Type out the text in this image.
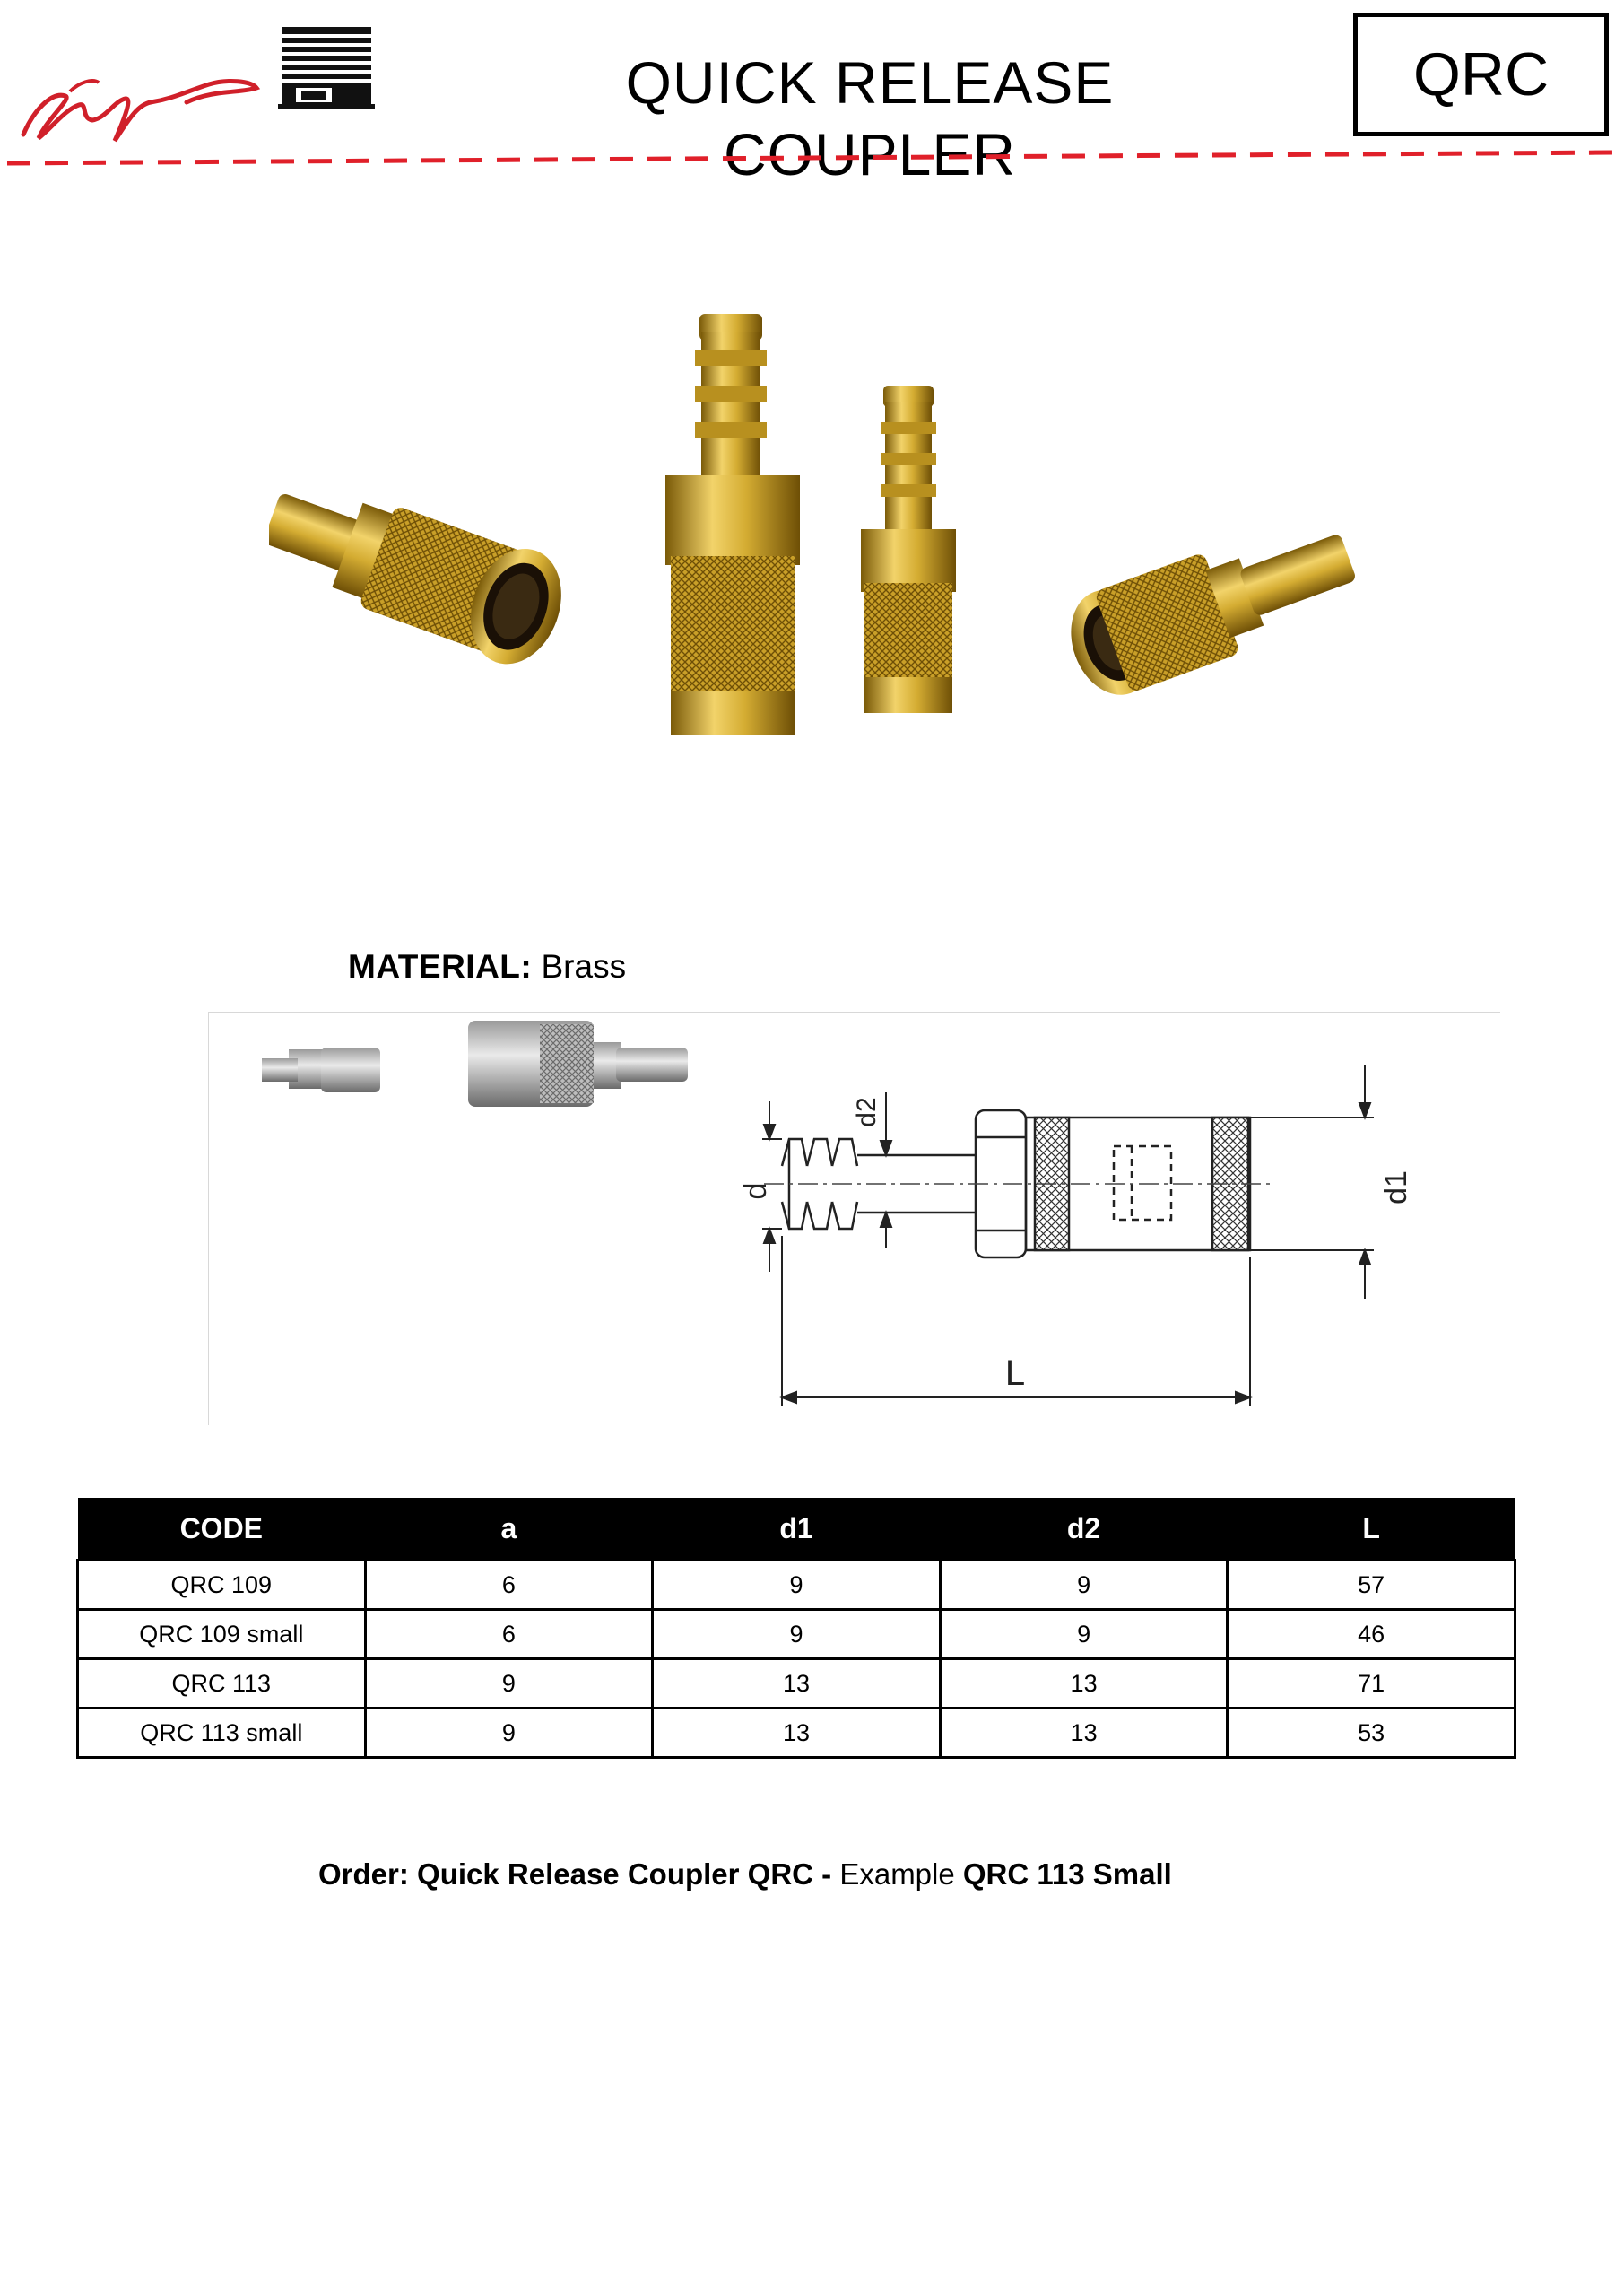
QUICK RELEASE COUPLER
QRC
MATERIAL: Brass
d
d2
d1
L
CODE	a	d1	d2	L
QRC 109	6	9	9	57
QRC 109 small	6	9	9	46
QRC 113	9	13	13	71
QRC 113 small	9	13	13	53
Order: Quick Release Coupler QRC - Example QRC 113 Small
